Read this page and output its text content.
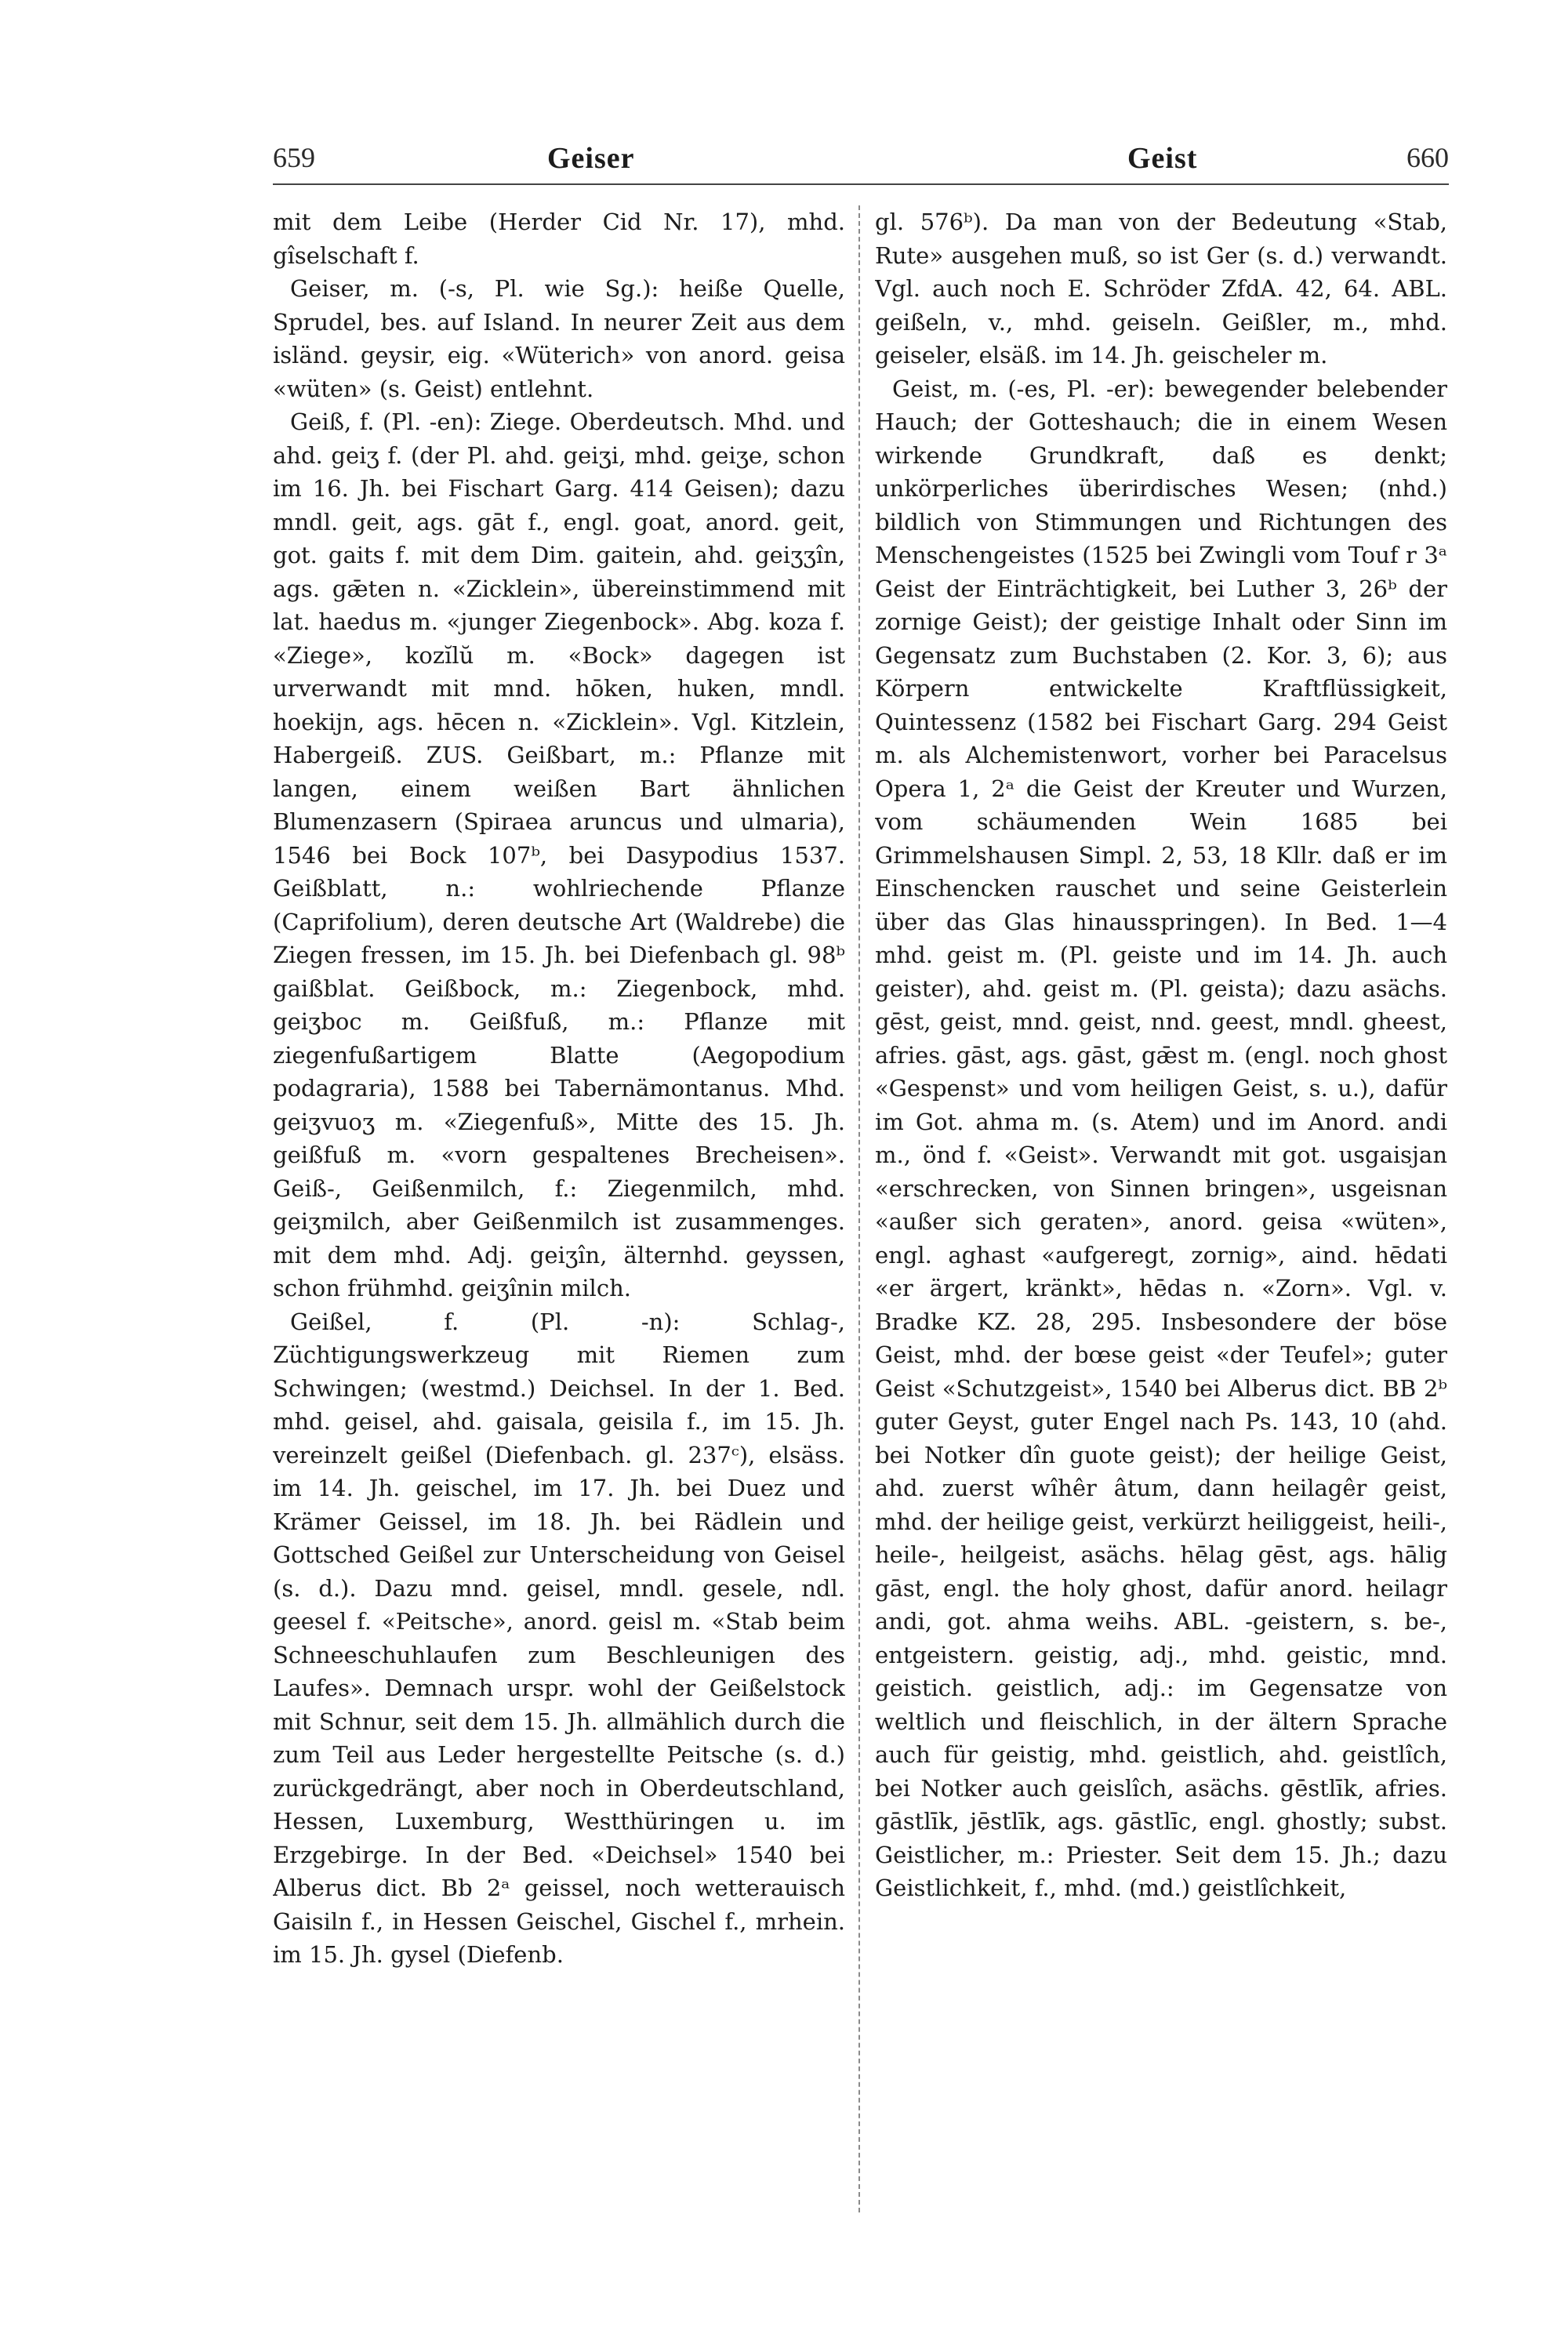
659	Geiser	Geist	660

mit dem Leibe (Herder Cid Nr. 17), mhd. gîselschaft f.

Geiser, m. (-s, Pl. wie Sg.): heiße Quelle, Sprudel, bes. auf Island. In neurer Zeit aus dem isländ. geysir, eig. «Wüterich» von anord. geisa «wüten» (s. Geist) entlehnt.

Geiß, f. (Pl. -en): Ziege. Oberdeutsch. Mhd. und ahd. geiʒ f. (der Pl. ahd. geiʒi, mhd. geiʒe, schon im 16. Jh. bei Fischart Garg. 414 Geisen); dazu mndl. geit, ags. gāt f., engl. goat, anord. geit, got. gaits f. mit dem Dim. gaitein, ahd. geiʒʒîn, ags. gǣten n. «Zicklein», übereinstimmend mit lat. haedus m. «junger Ziegenbock». Abg. koza f. «Ziege», kozĭlŭ m. «Bock» dagegen ist urverwandt mit mnd. hōken, huken, mndl. hoekijn, ags. hēcen n. «Zicklein». Vgl. Kitzlein, Habergeiß. ZUS. Geißbart, m.: Pflanze mit langen, einem weißen Bart ähnlichen Blumenzasern (Spiraea aruncus und ulmaria), 1546 bei Bock 107ᵇ, bei Dasypodius 1537. Geißblatt, n.: wohlriechende Pflanze (Caprifolium), deren deutsche Art (Waldrebe) die Ziegen fressen, im 15. Jh. bei Diefenbach gl. 98ᵇ gaißblat. Geißbock, m.: Ziegenbock, mhd. geiʒboc m. Geißfuß, m.: Pflanze mit ziegenfußartigem Blatte (Aegopodium podagraria), 1588 bei Tabernämontanus. Mhd. geiʒvuoʒ m. «Ziegenfuß», Mitte des 15. Jh. geißfuß m. «vorn gespaltenes Brecheisen». Geiß-, Geißenmilch, f.: Ziegenmilch, mhd. geiʒmilch, aber Geißenmilch ist zusammenges. mit dem mhd. Adj. geiʒîn, älternhd. geyssen, schon frühmhd. geiʒînin milch.

Geißel, f. (Pl. -n): Schlag-, Züchtigungswerkzeug mit Riemen zum Schwingen; (westmd.) Deichsel. In der 1. Bed. mhd. geisel, ahd. gaisala, geisila f., im 15. Jh. vereinzelt geißel (Diefenbach. gl. 237ᶜ), elsäss. im 14. Jh. geischel, im 17. Jh. bei Duez und Krämer Geissel, im 18. Jh. bei Rädlein und Gottsched Geißel zur Unterscheidung von Geisel (s. d.). Dazu mnd. geisel, mndl. gesele, ndl. geesel f. «Peitsche», anord. geisl m. «Stab beim Schneeschuhlaufen zum Beschleunigen des Laufes». Demnach urspr. wohl der Geißelstock mit Schnur, seit dem 15. Jh. allmählich durch die zum Teil aus Leder hergestellte Peitsche (s. d.) zurückgedrängt, aber noch in Oberdeutschland, Hessen, Luxemburg, Westthüringen u. im Erzgebirge. In der Bed. «Deichsel» 1540 bei Alberus dict. Bb 2ᵃ geissel, noch wetterauisch Gaisiln f., in Hessen Geischel, Gischel f., mrhein. im 15. Jh. gysel (Diefenb.

gl. 576ᵇ). Da man von der Bedeutung «Stab, Rute» ausgehen muß, so ist Ger (s. d.) verwandt. Vgl. auch noch E. Schröder ZfdA. 42, 64. ABL. geißeln, v., mhd. geiseln. Geißler, m., mhd. geiseler, elsäß. im 14. Jh. geischeler m.

Geist, m. (-es, Pl. -er): bewegender belebender Hauch; der Gotteshauch; die in einem Wesen wirkende Grundkraft, daß es denkt; unkörperliches überirdisches Wesen; (nhd.) bildlich von Stimmungen und Richtungen des Menschengeistes (1525 bei Zwingli vom Touf r 3ᵃ Geist der Einträchtigkeit, bei Luther 3, 26ᵇ der zornige Geist); der geistige Inhalt oder Sinn im Gegensatz zum Buchstaben (2. Kor. 3, 6); aus Körpern entwickelte Kraftflüssigkeit, Quintessenz (1582 bei Fischart Garg. 294 Geist m. als Alchemistenwort, vorher bei Paracelsus Opera 1, 2ᵃ die Geist der Kreuter und Wurzen, vom schäumenden Wein 1685 bei Grimmelshausen Simpl. 2, 53, 18 Kllr. daß er im Einschencken rauschet und seine Geisterlein über das Glas hinausspringen). In Bed. 1—4 mhd. geist m. (Pl. geiste und im 14. Jh. auch geister), ahd. geist m. (Pl. geista); dazu asächs. gēst, geist, mnd. geist, nnd. geest, mndl. gheest, afries. gāst, ags. gāst, gǣst m. (engl. noch ghost «Gespenst» und vom heiligen Geist, s. u.), dafür im Got. ahma m. (s. Atem) und im Anord. andi m., önd f. «Geist». Verwandt mit got. usgaisjan «erschrecken, von Sinnen bringen», usgeisnan «außer sich geraten», anord. geisa «wüten», engl. aghast «aufgeregt, zornig», aind. hēdati «er ärgert, kränkt», hēdas n. «Zorn». Vgl. v. Bradke KZ. 28, 295. Insbesondere der böse Geist, mhd. der bœse geist «der Teufel»; guter Geist «Schutzgeist», 1540 bei Alberus dict. BB 2ᵇ guter Geyst, guter Engel nach Ps. 143, 10 (ahd. bei Notker dîn guote geist); der heilige Geist, ahd. zuerst wîhêr âtum, dann heilagêr geist, mhd. der heilige geist, verkürzt heiliggeist, heili-, heile-, heilgeist, asächs. hēlag gēst, ags. hālig gāst, engl. the holy ghost, dafür anord. heilagr andi, got. ahma weihs. ABL. -geistern, s. be-, entgeistern. geistig, adj., mhd. geistic, mnd. geistich. geistlich, adj.: im Gegensatze von weltlich und fleischlich, in der ältern Sprache auch für geistig, mhd. geistlich, ahd. geistlîch, bei Notker auch geislîch, asächs. gēstlīk, afries. gāstlīk, jēstlīk, ags. gāstlīc, engl. ghostly; subst. Geistlicher, m.: Priester. Seit dem 15. Jh.; dazu Geistlichkeit, f., mhd. (md.) geistlîchkeit,
